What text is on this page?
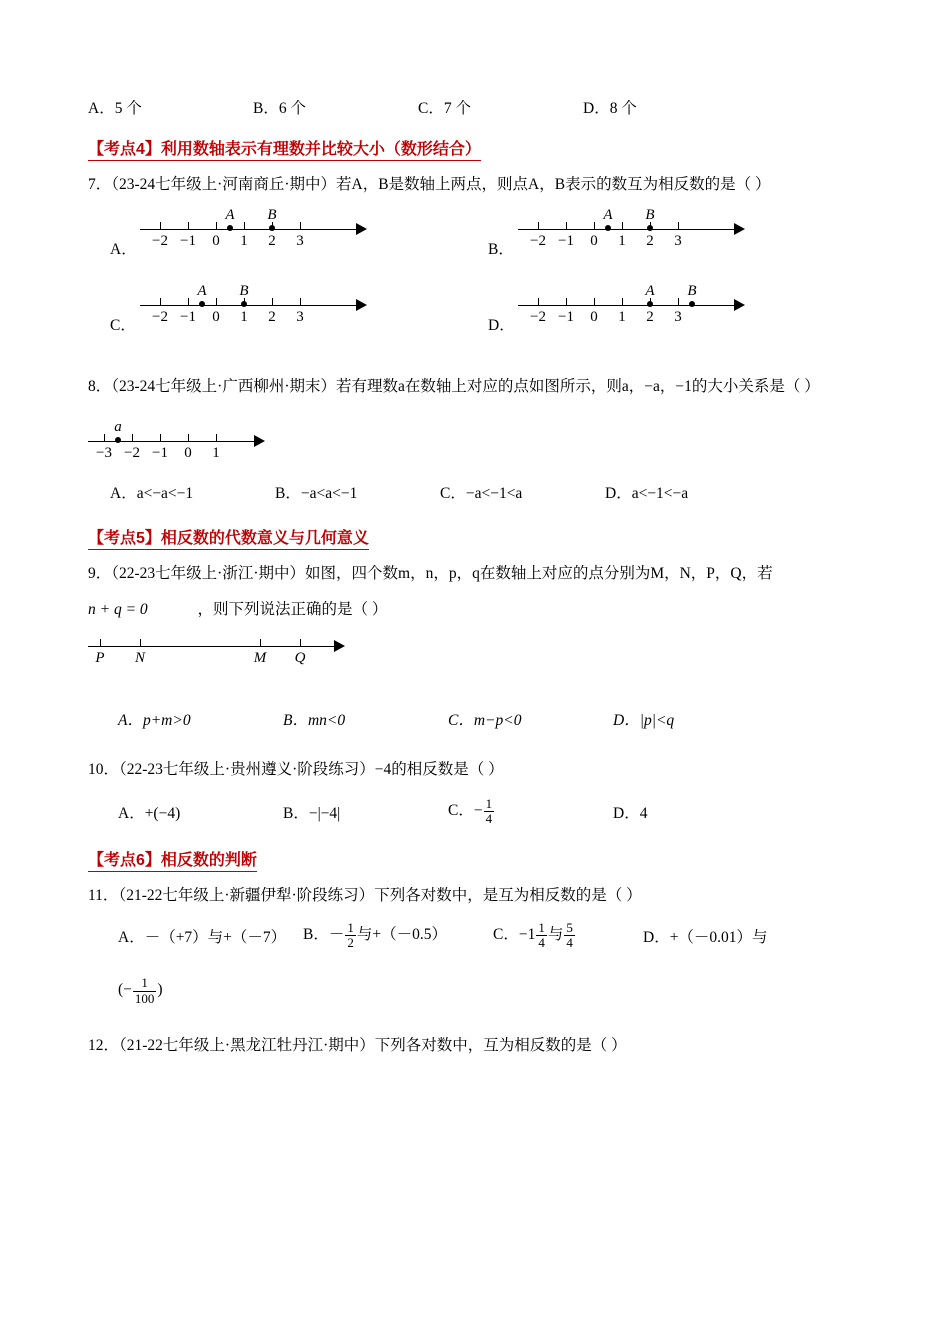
A．5 个	B．6 个	C．7 个	D．8 个
【考点4】利用数轴表示有理数并比较大小（数形结合）
7．（23-24七年级上·河南商丘·期中）若A，B是数轴上两点，则点A，B表示的数互为相反数的是（ ）
A． −2 −1 0 1 2 3
A B
B． −2 −1 0 1 2 3
A B
C． −2 −1 0 1 2 3
A B
D． −2 −1 0 1 2 3
A B
8．（23-24七年级上·广西柳州·期末）若有理数a在数轴上对应的点如图所示，则a，−a，−1的大小关系是（ ）
−3 −2 −1 0 1
a
A．a<−a<−1	B．−a<a<−1	C．−a<−1<a	D．a<−1<−a
【考点5】相反数的代数意义与几何意义
9．（22-23七年级上·浙江·期中）如图，四个数m，n，p，q在数轴上对应的点分别为M，N，P，Q，若
n + q = 0	，则下列说法正确的是（ ）
P N	M Q
A．p+m>0	B．mn<0	C．m−p<0	D．|p|<q
10．（22-23七年级上·贵州遵义·阶段练习）−4的相反数是（ ）
A．+(−4)	B．−|−4|	C．− $\frac{1}{4}$	D．4
【考点6】相反数的判断
11．（21-22七年级上·新疆伊犁·阶段练习）下列各对数中，是互为相反数的是（ ）
A．－（+7）与+（－7）	B．－ $\frac{1}{2}$ 与+（－0.5）	C．$-1 \frac{1}{4}$ 与 $\frac{5}{4}$	D．+（－0.01）与
(− $\frac{1}{100}$ )
12．（21-22七年级上·黑龙江牡丹江·期中）下列各对数中，互为相反数的是（ ）
